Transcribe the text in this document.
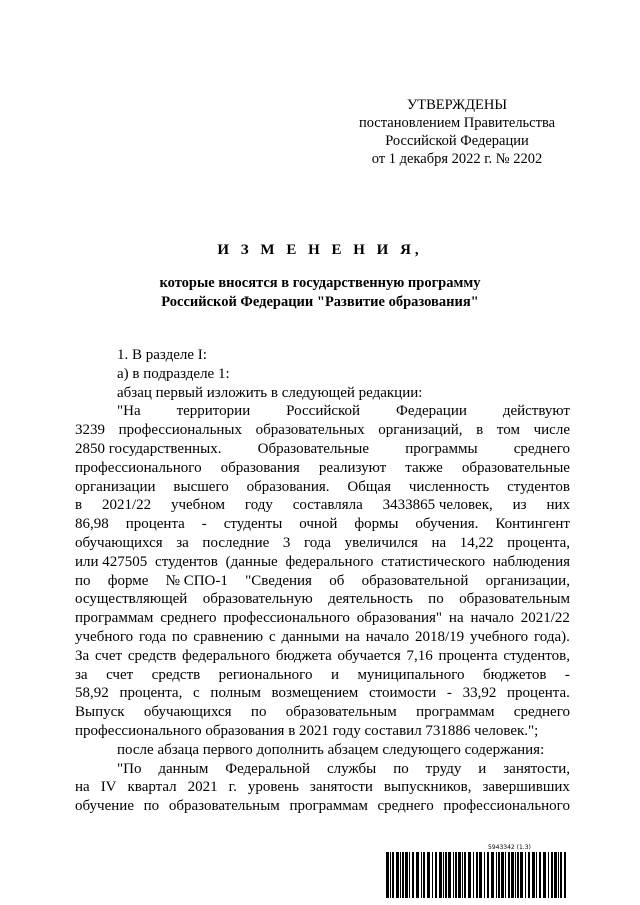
УТВЕРЖДЕНЫ
постановлением Правительства
Российской Федерации
от 1 декабря 2022 г. № 2202
И З М Е Н Е Н И Я,
которые вносятся в государственную программу
Российской Федерации "Развитие образования"
1. В разделе I:
а) в подразделе 1:
абзац первый изложить в следующей редакции:
"На территории Российской Федерации действуют
3239 профессиональных образовательных организаций, в том числе
2850 государственных. Образовательные программы среднего
профессионального образования реализуют также образовательные
организации высшего образования. Общая численность студентов
в 2021/22 учебном году составляла 3433865 человек, из них
86,98 процента - студенты очной формы обучения. Контингент
обучающихся за последние 3 года увеличился на 14,22 процента,
или 427505 студентов (данные федерального статистического наблюдения
по форме № СПО-1 "Сведения об образовательной организации,
осуществляющей образовательную деятельность по образовательным
программам среднего профессионального образования" на начало 2021/22
учебного года по сравнению с данными на начало 2018/19 учебного года).
За счет средств федерального бюджета обучается 7,16 процента студентов,
за счет средств регионального и муниципального бюджетов -
58,92 процента, с полным возмещением стоимости - 33,92 процента.
Выпуск обучающихся по образовательным программам среднего
профессионального образования в 2021 году составил 731886 человек.";
после абзаца первого дополнить абзацем следующего содержания:
"По данным Федеральной службы по труду и занятости,
на IV квартал 2021 г. уровень занятости выпускников, завершивших
обучение по образовательным программам среднего профессионального
5943342 (1.3)
